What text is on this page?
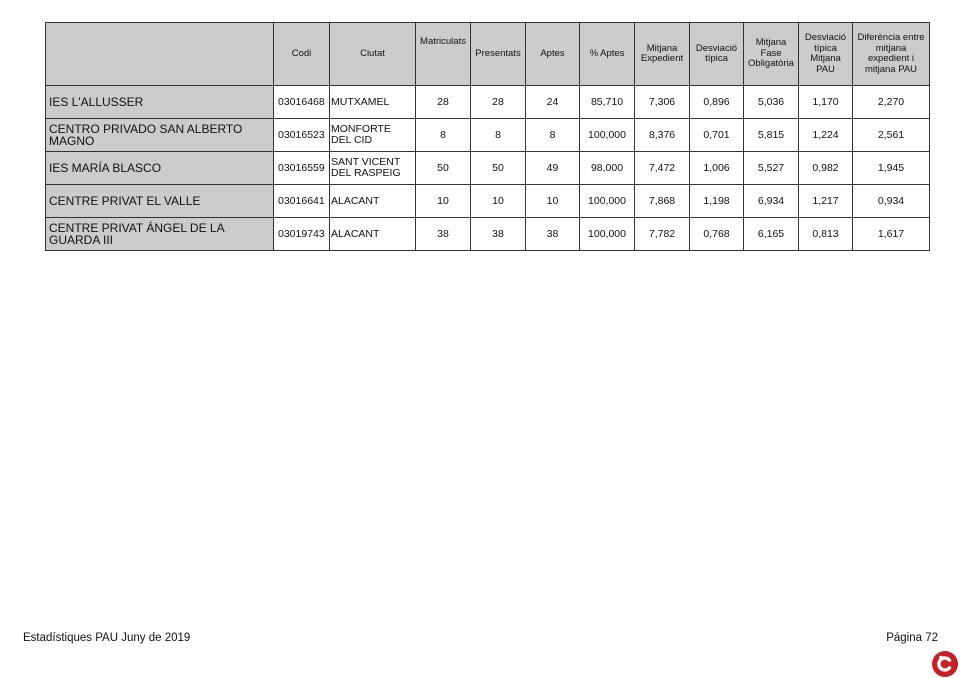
	Codi	Ciutat	Matriculats	Presentats	Aptes	% Aptes	Mitjana Expedient	Desviació típica	Mitjana Fase Obligatòria	Desviació típica Mitjana PAU	Diferència entre mitjana expedient i mitjana PAU
IES L'ALLUSSER	03016468	MUTXAMEL	28	28	24	85,710	7,306	0,896	5,036	1,170	2,270
CENTRO PRIVADO SAN ALBERTO MAGNO	03016523	MONFORTE DEL CID	8	8	8	100,000	8,376	0,701	5,815	1,224	2,561
IES MARÍA BLASCO	03016559	SANT VICENT DEL RASPEIG	50	50	49	98,000	7,472	1,006	5,527	0,982	1,945
CENTRE PRIVAT EL VALLE	03016641	ALACANT	10	10	10	100,000	7,868	1,198	6,934	1,217	0,934
CENTRE PRIVAT ÁNGEL DE LA GUARDA III	03019743	ALACANT	38	38	38	100,000	7,782	0,768	6,165	0,813	1,617
Estadístiques PAU Juny de 2019	Página 72
